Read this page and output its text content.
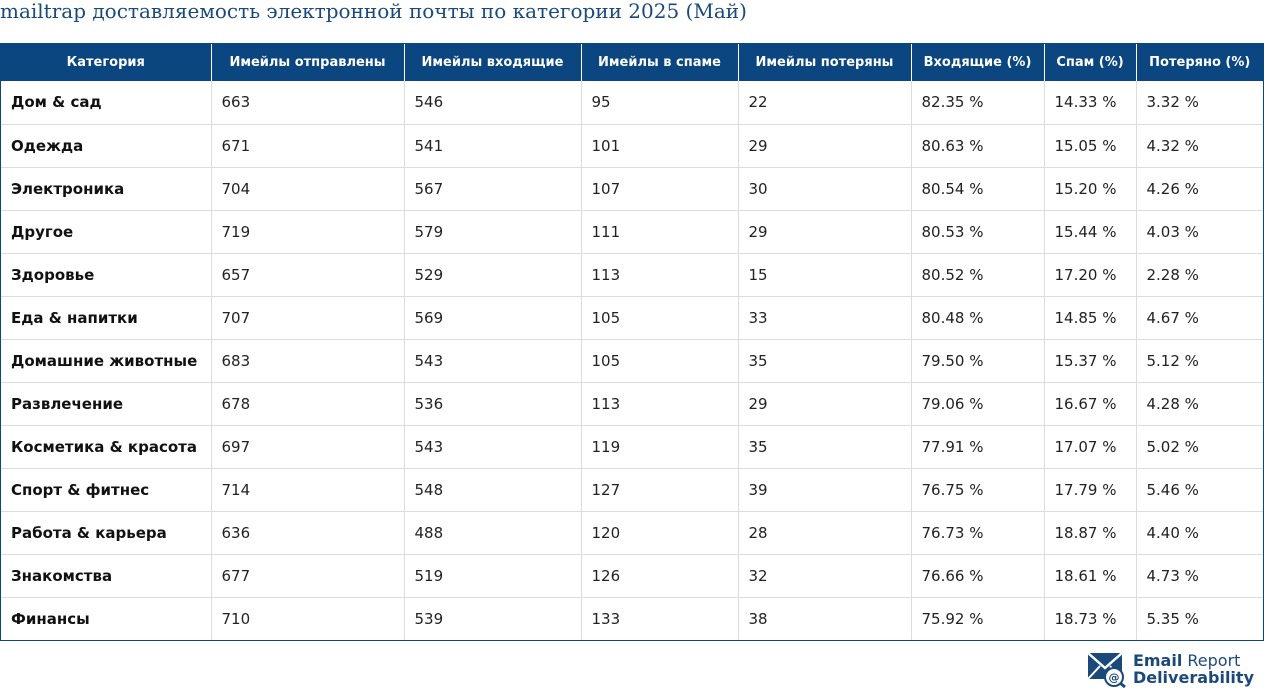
mailtrap доставляемость электронной почты по категории 2025 (Май)
Категория	Имейлы отправлены	Имейлы входящие	Имейлы в спаме	Имейлы потеряны	Входящие (%)	Спам (%)	Потеряно (%)
Дом & сад	663	546	95	22	82.35 %	14.33 %	3.32 %
Одежда	671	541	101	29	80.63 %	15.05 %	4.32 %
Электроника	704	567	107	30	80.54 %	15.20 %	4.26 %
Другое	719	579	111	29	80.53 %	15.44 %	4.03 %
Здоровье	657	529	113	15	80.52 %	17.20 %	2.28 %
Еда & напитки	707	569	105	33	80.48 %	14.85 %	4.67 %
Домашние животные	683	543	105	35	79.50 %	15.37 %	5.12 %
Развлечение	678	536	113	29	79.06 %	16.67 %	4.28 %
Косметика & красота	697	543	119	35	77.91 %	17.07 %	5.02 %
Спорт & фитнес	714	548	127	39	76.75 %	17.79 %	5.46 %
Работа & карьера	636	488	120	28	76.73 %	18.87 %	4.40 %
Знакомства	677	519	126	32	76.66 %	18.61 %	4.73 %
Финансы	710	539	133	38	75.92 %	18.73 %	5.35 %
@
Email Report
Deliverability
